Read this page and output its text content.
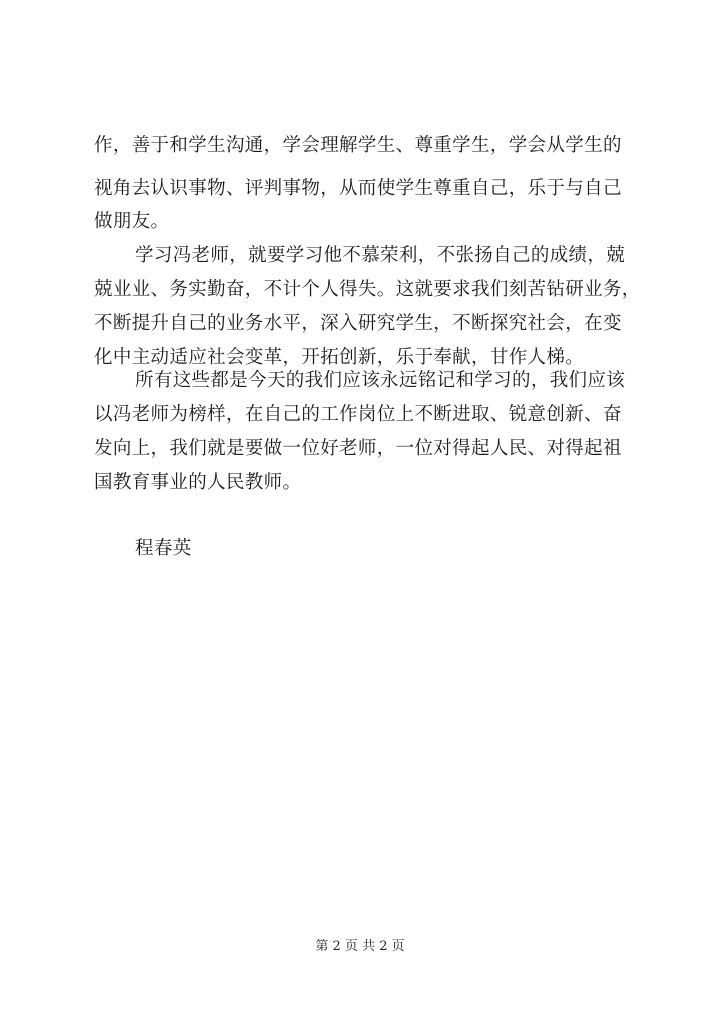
作，善于和学生沟通，学会理解学生、尊重学生，学会从学生的
视角去认识事物、评判事物，从而使学生尊重自己，乐于与自己
做朋友。
学习冯老师，就要学习他不慕荣利，不张扬自己的成绩，兢
兢业业、务实勤奋，不计个人得失。这就要求我们刻苦钻研业务，
不断提升自己的业务水平，深入研究学生，不断探究社会，在变
化中主动适应社会变革，开拓创新，乐于奉献，甘作人梯。
所有这些都是今天的我们应该永远铭记和学习的，我们应该
以冯老师为榜样，在自己的工作岗位上不断进取、锐意创新、奋
发向上，我们就是要做一位好老师，一位对得起人民、对得起祖
国教育事业的人民教师。
程春英
第 2 页 共 2 页
